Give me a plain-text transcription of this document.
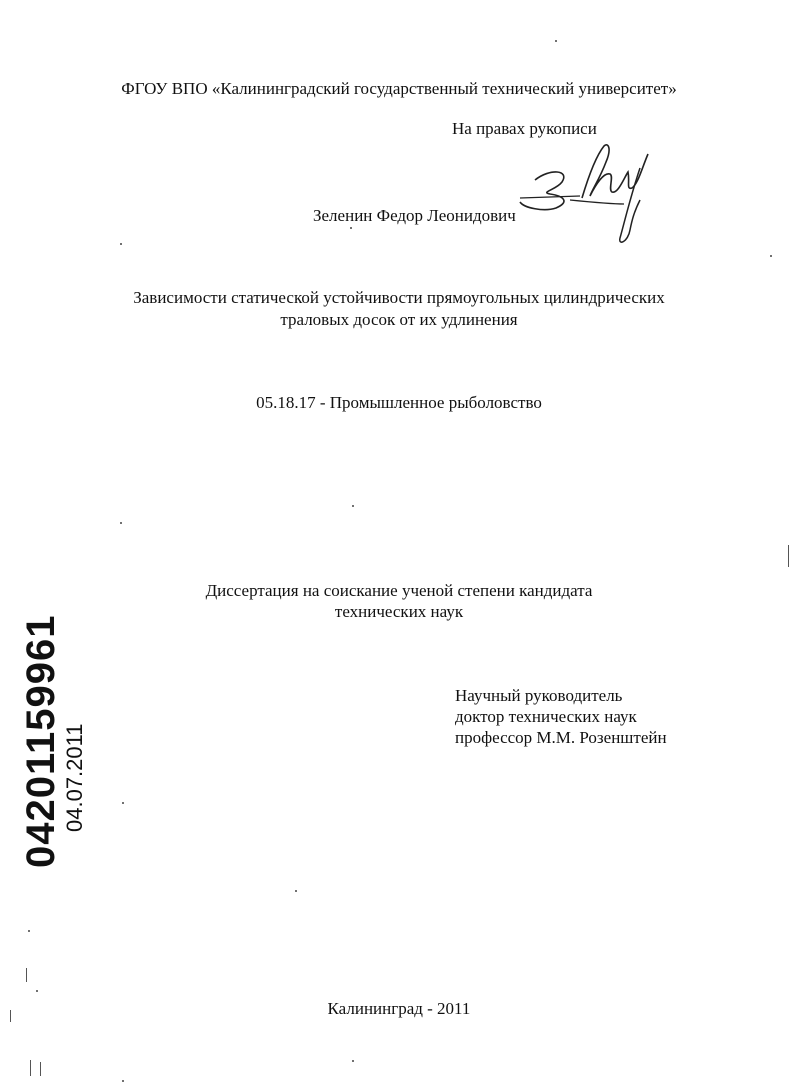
ФГОУ ВПО «Калининградский государственный технический университет»
На правах рукописи
Зеленин Федор Леонидович
Зависимости статической устойчивости прямоугольных цилиндрических
траловых досок от их удлинения
05.18.17 - Промышленное рыболовство
Диссертация на соискание ученой степени кандидата
технических наук
Научный руководитель
доктор технических наук
профессор М.М. Розенштейн
Калининград - 2011
04201159961 04.07.2011
